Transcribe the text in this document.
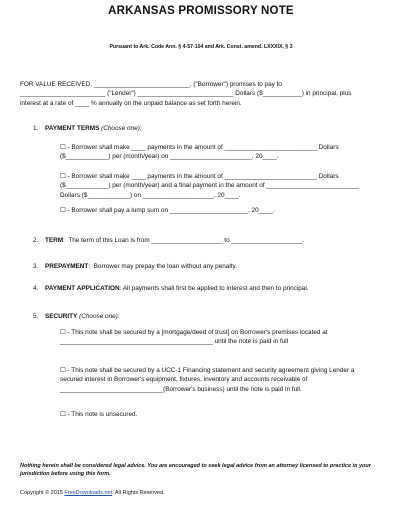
ARKANSAS PROMISSORY NOTE
Pursuant to Ark. Code Ann. § 4-57-104 and Ark. Const. amend. LXXXIX, § 3
FOR VALUE RECEIVED, ___________________________, ("Borrower") promises to pay to ________________________ ("Lender") ___________________________ Dollars ($___________) in principal, plus interest at a rate of ____ % annually on the unpaid balance as set forth herein.
1. PAYMENT TERMS (Choose one):
☐ - Borrower shall make ____ payments in the amount of __________________________ Dollars ($____________) per (month/year) on _______________________, 20____.
☐ - Borrower shall make ____ payments in the amount of __________________________ Dollars ($____________) per (month/year) and a final payment in the amount of __________________________ Dollars ($____________) on ____________________, 20____.
☐ - Borrower shall pay a lump sum on ______________________, 20____.
2. TERM:  The term of this Loan is from ____________________ to ____________________.
3. PREPAYMENT:  Borrower may prepay the loan without any penalty.
4. PAYMENT APPLICATION: All payments shall first be applied to interest and then to principal.
5. SECURITY (Choose one):
☐ - This note shall be secured by a [mortgage/deed of trust] on Borrower's premises located at ___________________________________________ until the note is paid in full
☐ - This note shall be secured by a UCC-1 Financing statement and security agreement giving Lender a secured interest in Borrower's equipment, fixtures, inventory and accounts receivable of _____________________________(Borrower's business) until the note is paid in full.
☐ - This note is unsecured.
Nothing herein shall be considered legal advice. You are encouraged to seek legal advice from an attorney licensed to practice in your jurisdiction before using this form.
Copyright © 2015 FreeDownloads.net. All Rights Reserved.
